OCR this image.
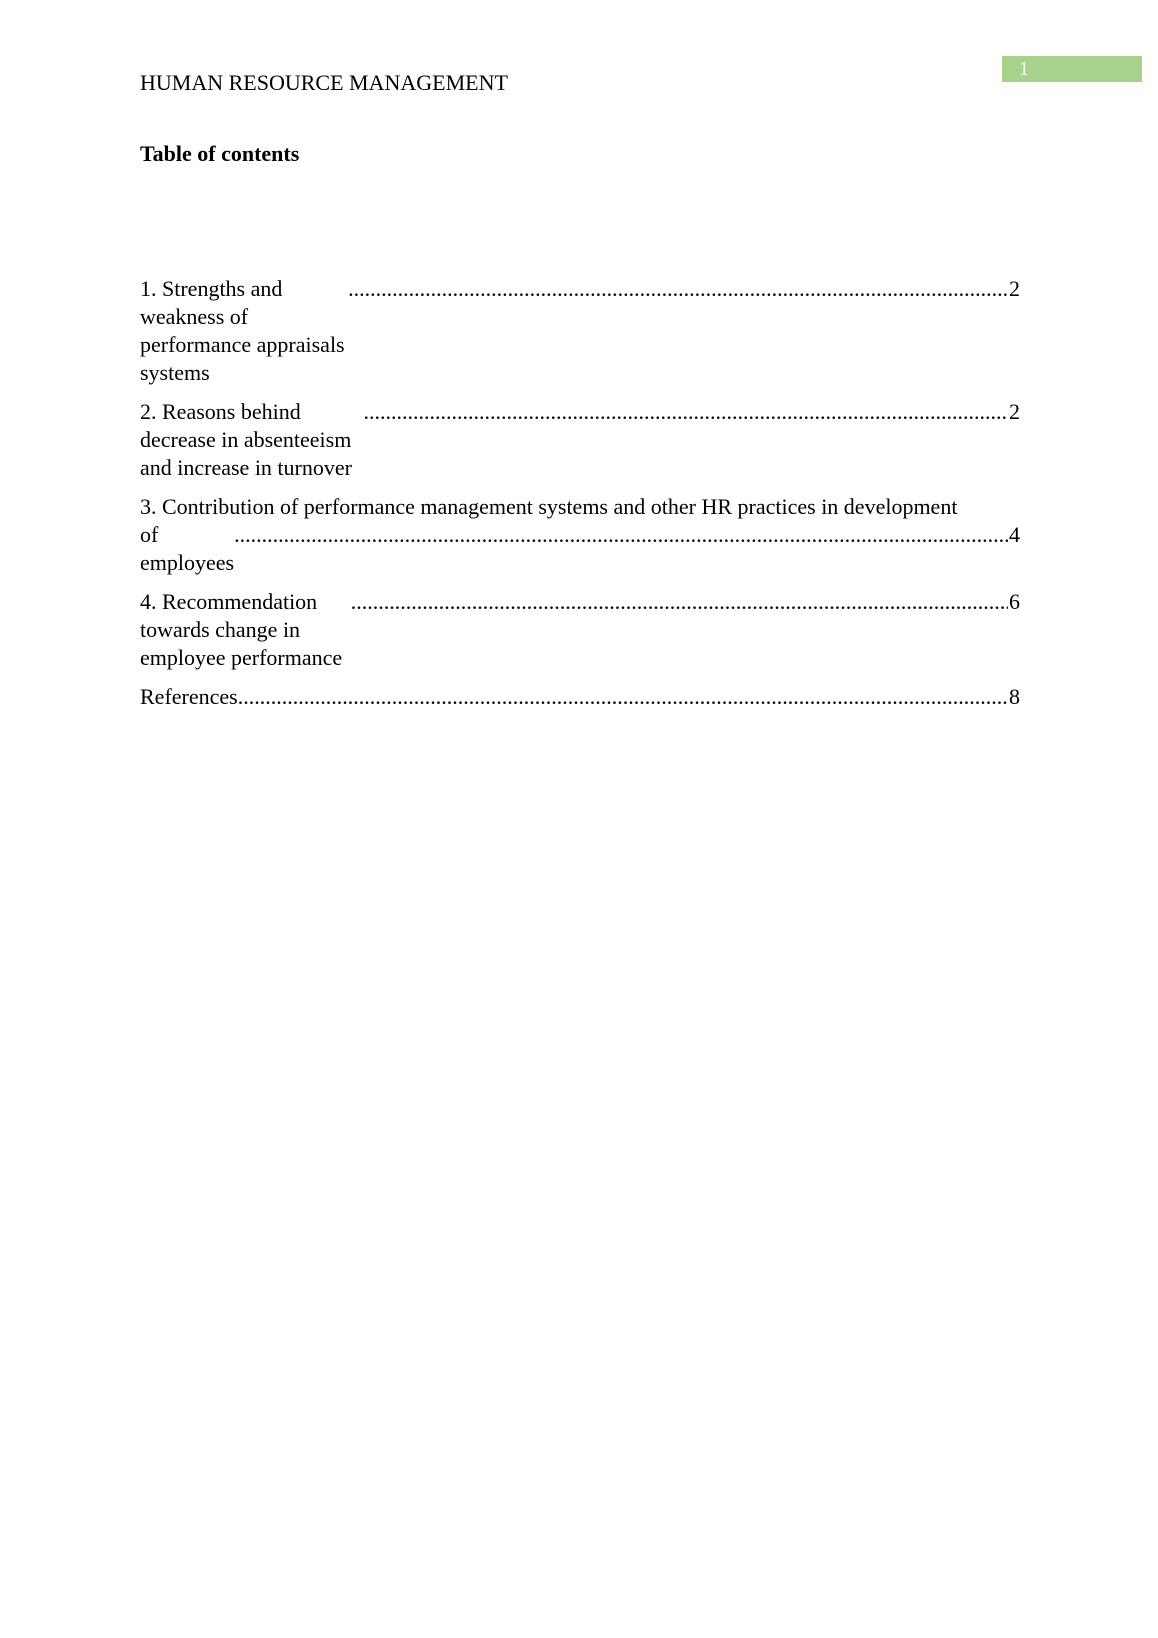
1
HUMAN RESOURCE MANAGEMENT
Table of contents
1. Strengths and weakness of performance appraisals systems
.....
2
2. Reasons behind decrease in absenteeism and increase in turnover
.....
2
3. Contribution of performance management systems and other HR practices in development
of employees
.....
4
4. Recommendation towards change in employee performance
.....
6
References
.....	8
